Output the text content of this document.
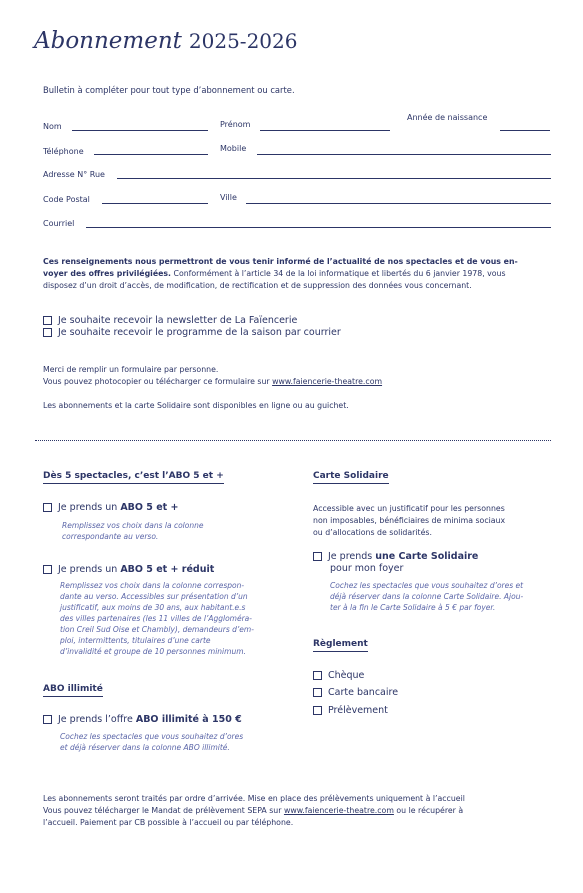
Abonnement 2025-2026
Bulletin à compléter pour tout type d’abonnement ou carte.
Nom	Prénom
Année de naissance
Téléphone	Mobile
Adresse N° Rue
Code Postal	Ville
Courriel
Ces renseignements nous permettront de vous tenir informé de l’actualité de nos spectacles et de vous en-
voyer des offres privilégiées. Conformément à l’article 34 de la loi informatique et libertés du 6 janvier 1978, vous
disposez d’un droit d’accès, de modification, de rectification et de suppression des données vous concernant.
Je souhaite recevoir la newsletter de La Faïencerie
Je souhaite recevoir le programme de la saison par courrier
Merci de remplir un formulaire par personne.
Vous pouvez photocopier ou télécharger ce formulaire sur www.faiencerie-theatre.com
Les abonnements et la carte Solidaire sont disponibles en ligne ou au guichet.
Dès 5 spectacles, c’est l’ABO 5 et +
Je prends un ABO 5 et +
Remplissez vos choix dans la colonne
correspondante au verso.
Je prends un ABO 5 et + réduit
Remplissez vos choix dans la colonne correspon-
dante au verso. Accessibles sur présentation d’un
justificatif, aux moins de 30 ans, aux habitant.e.s
des villes partenaires (les 11 villes de l’Aggloméra-
tion Creil Sud Oise et Chambly), demandeurs d’em-
ploi, intermittents, titulaires d’une carte
d’invalidité et groupe de 10 personnes minimum.
ABO illimité
Je prends l’offre ABO illimité à 150 €
Cochez les spectacles que vous souhaitez d’ores
et déjà réserver dans la colonne ABO illimité.
Carte Solidaire
Accessible avec un justificatif pour les personnes
non imposables, bénéficiaires de minima sociaux
ou d’allocations de solidarités.
Je prends une Carte Solidaire
pour mon foyer
Cochez les spectacles que vous souhaitez d’ores et
déjà réserver dans la colonne Carte Solidaire. Ajou-
ter à la fin le Carte Solidaire à 5 € par foyer.
Règlement
Chèque
Carte bancaire
Prélèvement
Les abonnements seront traités par ordre d’arrivée. Mise en place des prélèvements uniquement à l’accueil
Vous pouvez télécharger le Mandat de prélèvement SEPA sur www.faiencerie-theatre.com ou le récupérer à
l’accueil. Paiement par CB possible à l’accueil ou par téléphone.
